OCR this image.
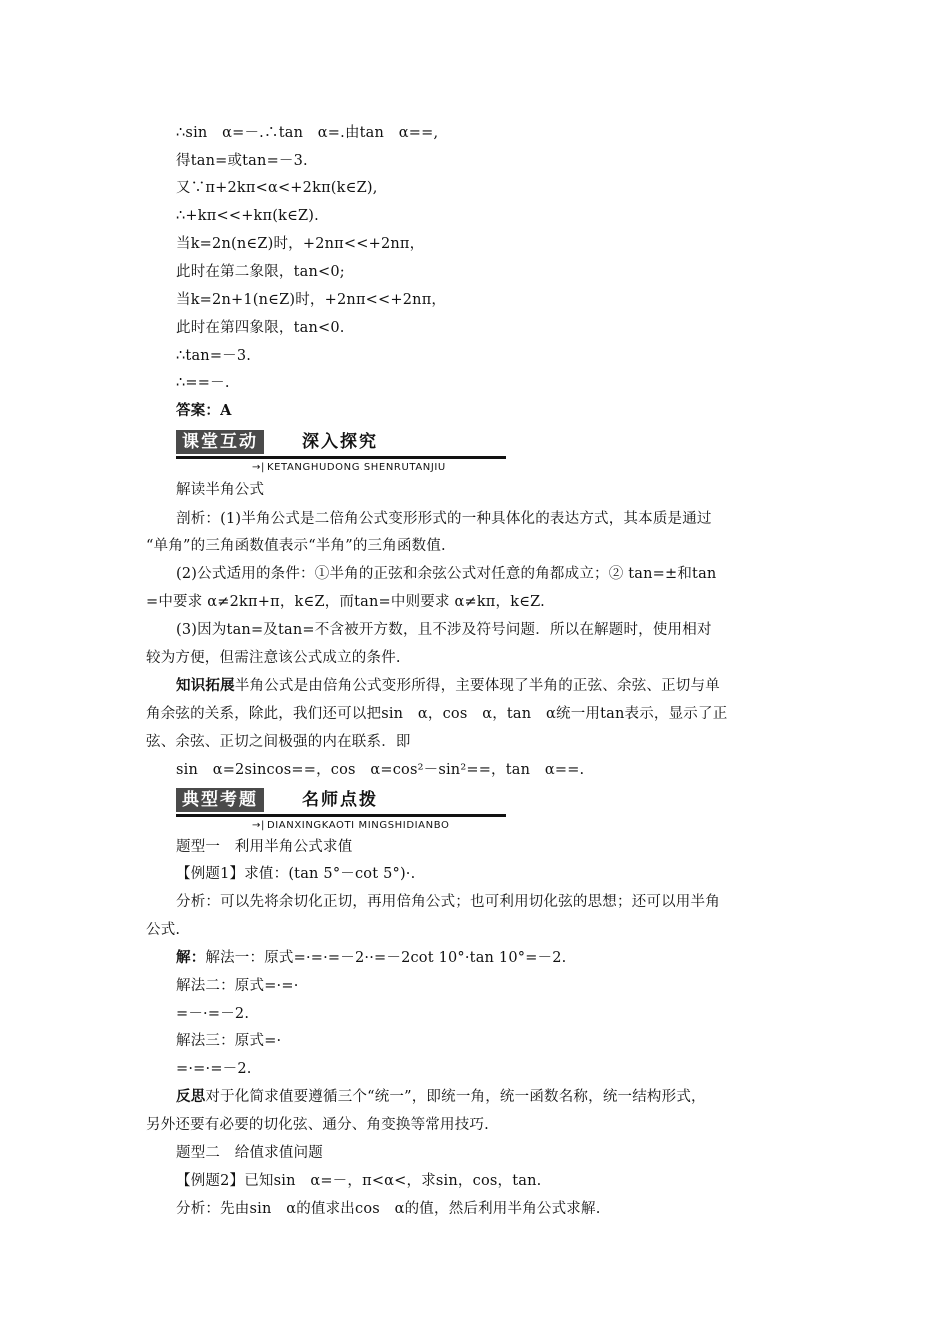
∴sin　α=－.∴tan　α=.由tan　α==,
得tan=或tan=－3.
又∵π+2kπ<α<+2kπ(k∈Z),
∴+kπ<<+kπ(k∈Z).
当k=2n(n∈Z)时，+2nπ<<+2nπ，
此时在第二象限，tan<0;
当k=2n+1(n∈Z)时，+2nπ<<+2nπ，
此时在第四象限，tan<0.
∴tan=－3.
∴==－.
答案：A
课堂互动	深入探究
→| KETANGHUDONG SHENRUTANJIU
解读半角公式
剖析：(1)半角公式是二倍角公式变形形式的一种具体化的表达方式，其本质是通过
“单角”的三角函数值表示“半角”的三角函数值.
(2)公式适用的条件：①半角的正弦和余弦公式对任意的角都成立；② tan=±和tan
=中要求 α≠2kπ+π，k∈Z，而tan=中则要求 α≠kπ，k∈Z.
(3)因为tan=及tan=不含被开方数，且不涉及符号问题．所以在解题时，使用相对
较为方便，但需注意该公式成立的条件.
知识拓展半角公式是由倍角公式变形所得，主要体现了半角的正弦、余弦、正切与单
角余弦的关系，除此，我们还可以把sin　α，cos　α，tan　α统一用tan表示，显示了正
弦、余弦、正切之间极强的内在联系．即
sin　α=2sincos==，cos　α=cos²－sin²==，tan　α==.
典型考题	名师点拨
→| DIANXINGKAOTI MINGSHIDIANBO
题型一　利用半角公式求值
【例题1】求值：(tan 5°－cot 5°)·.
分析：可以先将余切化正切，再用倍角公式；也可利用切化弦的思想；还可以用半角
公式.
解：解法一：原式=·=·=－2··=－2cot 10°·tan 10°=－2.
解法二：原式=·=·
=－·=－2.
解法三：原式=·
=·=·=－2.
反思对于化简求值要遵循三个“统一”，即统一角，统一函数名称，统一结构形式，
另外还要有必要的切化弦、通分、角变换等常用技巧.
题型二　给值求值问题
【例题2】已知sin　α=－，π<α<，求sin，cos，tan.
分析：先由sin　α的值求出cos　α的值，然后利用半角公式求解.
